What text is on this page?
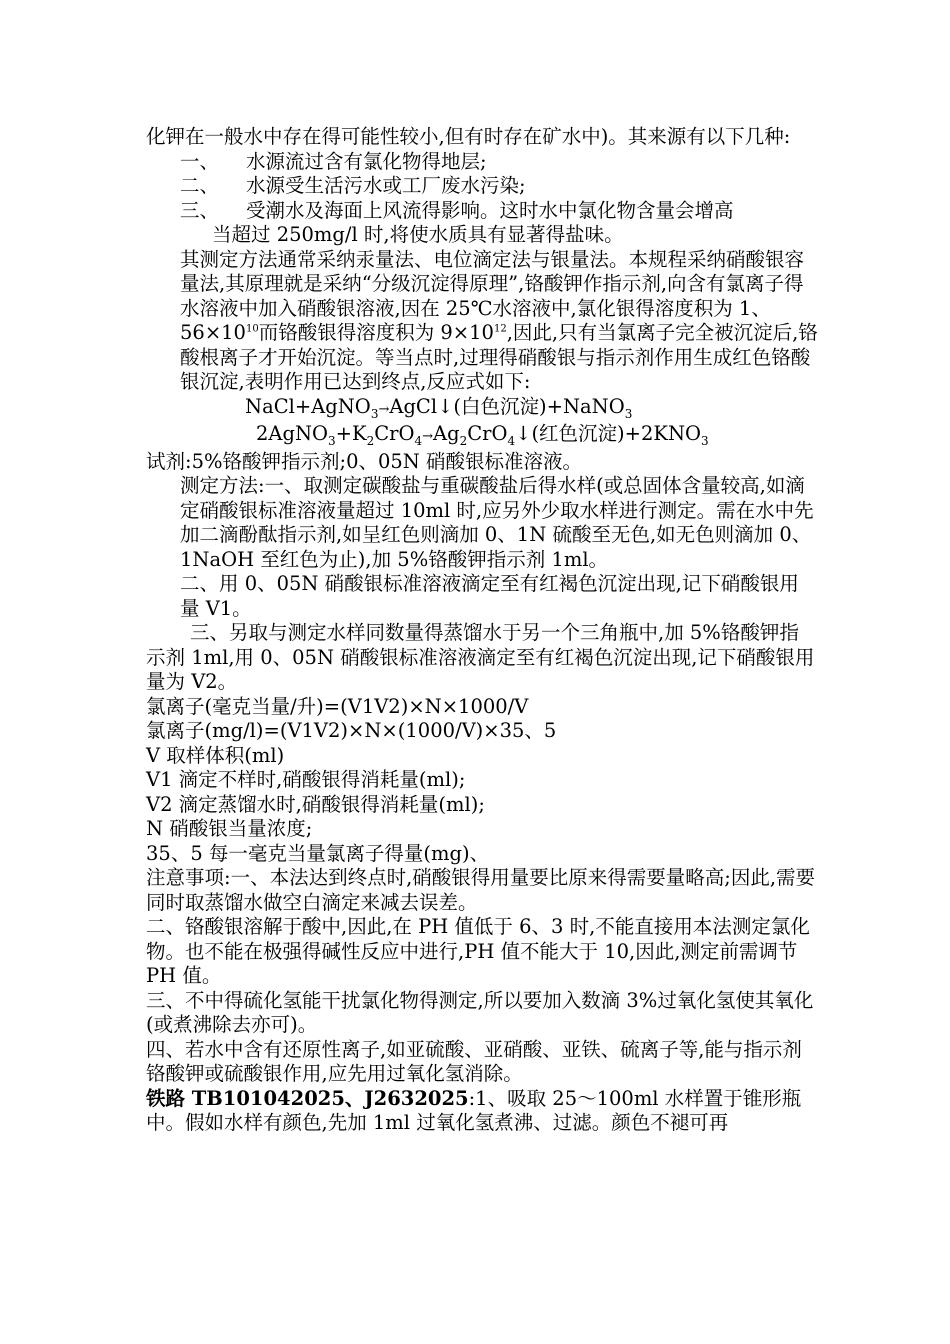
化钾在一般水中存在得可能性较小,但有时存在矿水中)。其来源有以下几种:

一、	水源流过含有氯化物得地层;
二、	水源受生活污水或工厂废水污染;
三、	受潮水及海面上风流得影响。这时水中氯化物含量会增高

当超过 250mg/l 时,将使水质具有显著得盐味。

其测定方法通常采纳汞量法、电位滴定法与银量法。本规程采纳硝酸银容量法,其原理就是采纳“分级沉淀得原理”,铬酸钾作指示剂,向含有氯离子得水溶液中加入硝酸银溶液,因在 25℃水溶液中,氯化银得溶度积为 1、$56\times 10^{10}$而铬酸银得溶度积为 $9\times 10^{12}$,因此,只有当氯离子完全被沉淀后,铬酸根离子才开始沉淀。等当点时,过理得硝酸银与指示剂作用生成红色铬酸银沉淀,表明作用已达到终点,反应式如下:

NaCl+AgNO$_3$→AgCl↓(白色沉淀)+NaNO$_3$

$2AgNO_3+K_2CrO_4\to Ag_2CrO_4↓$(红色沉淀)$+2KNO_3$

试剂:5%铬酸钾指示剂;0、05N 硝酸银标准溶液。

测定方法:一、取测定碳酸盐与重碳酸盐后得水样(或总固体含量较高,如滴定硝酸银标准溶液量超过 10ml 时,应另外少取水样进行测定。需在水中先加二滴酚酞指示剂,如呈红色则滴加 0、1N 硫酸至无色,如无色则滴加 0、1NaOH 至红色为止),加 5%铬酸钾指示剂 1ml。

二、用 0、05N 硝酸银标准溶液滴定至有红褐色沉淀出现,记下硝酸银用量 V1。

三、另取与测定水样同数量得蒸馏水于另一个三角瓶中,加 5%铬酸钾指示剂 1ml,用 0、05N 硝酸银标准溶液滴定至有红褐色沉淀出现,记下硝酸银用量为 V2。

氯离子(毫克当量/升)=(V1V2)×N×1000/V

氯离子(mg/l)=(V1V2)×N×(1000/V)×35、5

V 取样体积(ml)

V1 滴定不样时,硝酸银得消耗量(ml);

V2 滴定蒸馏水时,硝酸银得消耗量(ml);

N 硝酸银当量浓度;

35、5 每一毫克当量氯离子得量(mg)、

注意事项:一、本法达到终点时,硝酸银得用量要比原来得需要量略高;因此,需要同时取蒸馏水做空白滴定来减去误差。

二、铬酸银溶解于酸中,因此,在 PH 值低于 6、3 时,不能直接用本法测定氯化物。也不能在极强得碱性反应中进行,PH 值不能大于 10,因此,测定前需调节 PH 值。

三、不中得硫化氢能干扰氯化物得测定,所以要加入数滴 3%过氧化氢使其氧化(或煮沸除去亦可)。

四、若水中含有还原性离子,如亚硫酸、亚硝酸、亚铁、硫离子等,能与指示剂铬酸钾或硫酸银作用,应先用过氧化氢消除。

铁路 TB101042025、J2632025:1、吸取 25～100ml 水样置于锥形瓶中。假如水样有颜色,先加 1ml 过氧化氢煮沸、过滤。颜色不褪可再
